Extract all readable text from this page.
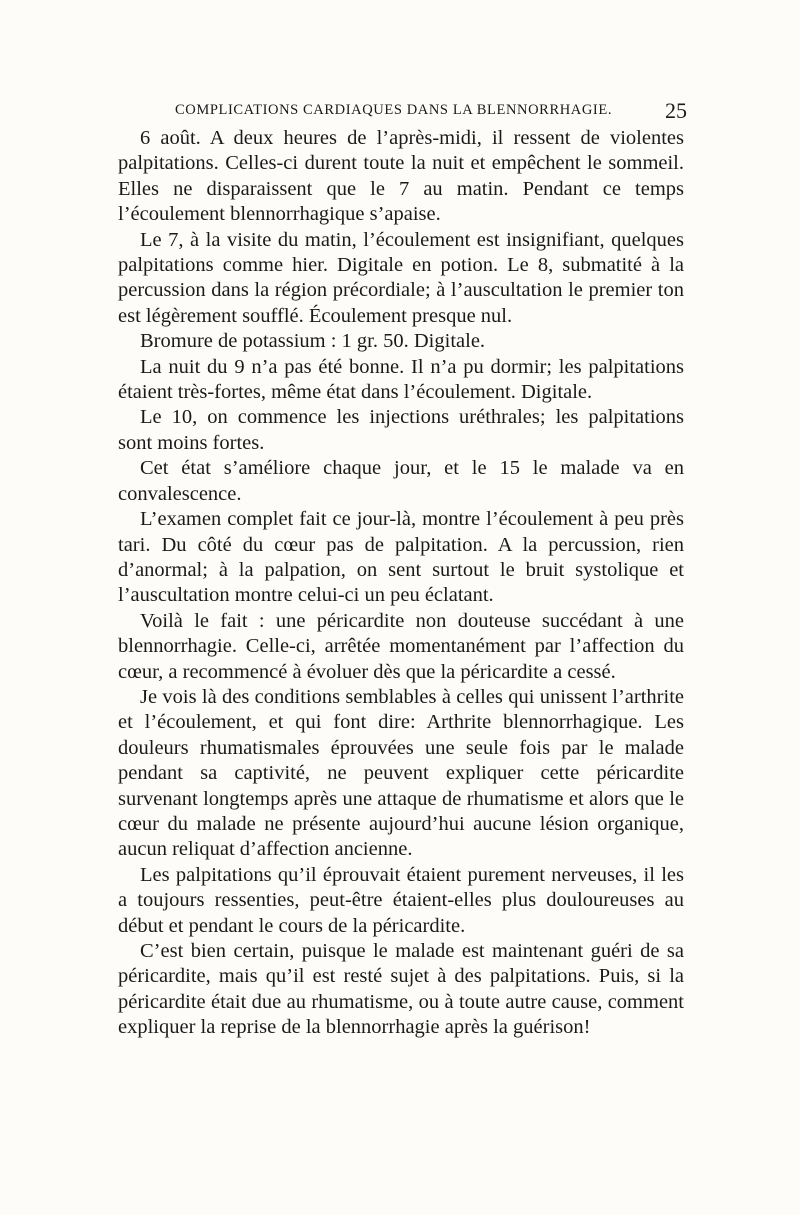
COMPLICATIONS CARDIAQUES DANS LA BLENNORRHAGIE. 25

6 août. A deux heures de l’après-midi, il ressent de violentes palpitations. Celles-ci durent toute la nuit et empêchent le sommeil. Elles ne disparaissent que le 7 au matin. Pendant ce temps l’écoulement blennorrhagique s’apaise.

Le 7, à la visite du matin, l’écoulement est insignifiant, quelques palpitations comme hier. Digitale en potion. Le 8, submatité à la percussion dans la région précordiale; à l’auscultation le premier ton est légèrement soufflé. Écoulement presque nul.

Bromure de potassium : 1 gr. 50. Digitale.

La nuit du 9 n’a pas été bonne. Il n’a pu dormir; les palpitations étaient très-fortes, même état dans l’écoulement. Digitale.

Le 10, on commence les injections uréthrales; les palpitations sont moins fortes.

Cet état s’améliore chaque jour, et le 15 le malade va en convalescence.

L’examen complet fait ce jour-là, montre l’écoulement à peu près tari. Du côté du cœur pas de palpitation. A la percussion, rien d’anormal; à la palpation, on sent surtout le bruit systolique et l’auscultation montre celui-ci un peu éclatant.

Voilà le fait : une péricardite non douteuse succédant à une blennorrhagie. Celle-ci, arrêtée momentanément par l’affection du cœur, a recommencé à évoluer dès que la péricardite a cessé.

Je vois là des conditions semblables à celles qui unissent l’arthrite et l’écoulement, et qui font dire: Arthrite blennorrhagique. Les douleurs rhumatismales éprouvées une seule fois par le malade pendant sa captivité, ne peuvent expliquer cette péricardite survenant longtemps après une attaque de rhumatisme et alors que le cœur du malade ne présente aujourd’hui aucune lésion organique, aucun reliquat d’affection ancienne.

Les palpitations qu’il éprouvait étaient purement nerveuses, il les a toujours ressenties, peut-être étaient-elles plus douloureuses au début et pendant le cours de la péricardite.

C’est bien certain, puisque le malade est maintenant guéri de sa péricardite, mais qu’il est resté sujet à des palpitations. Puis, si la péricardite était due au rhumatisme, ou à toute autre cause, comment expliquer la reprise de la blennorrhagie après la guérison!
